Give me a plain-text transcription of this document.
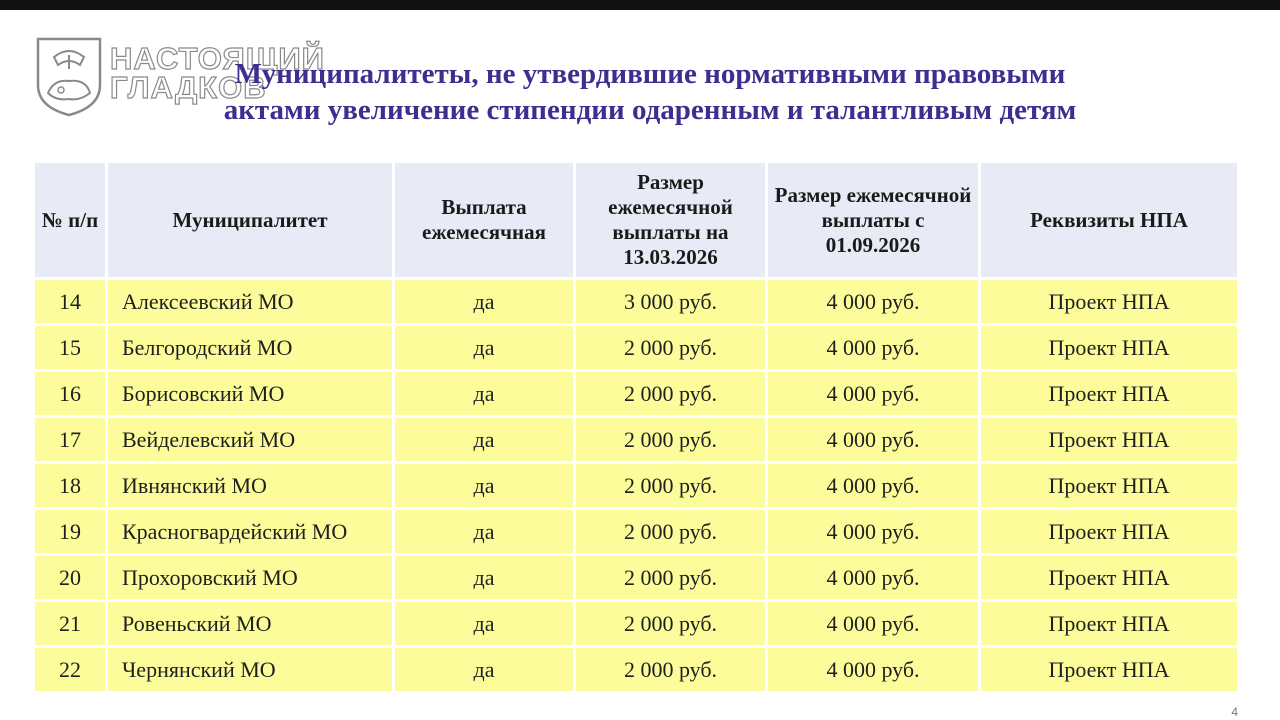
НАСТОЯЩИЙ
ГЛАДКОВ
Муниципалитеты, не утвердившие нормативными правовыми
актами увеличение стипендии одаренным и талантливым детям
№ п/п	Муниципалитет	Выплата ежемесячная	Размер ежемесячной выплаты на 13.03.2026	Размер ежемесячной выплаты с 01.09.2026	Реквизиты НПА
14	Алексеевский МО	да	3 000 руб.	4 000 руб.	Проект НПА
15	Белгородский МО	да	2 000 руб.	4 000 руб.	Проект НПА
16	Борисовский МО	да	2 000 руб.	4 000 руб.	Проект НПА
17	Вейделевский МО	да	2 000 руб.	4 000 руб.	Проект НПА
18	Ивнянский МО	да	2 000 руб.	4 000 руб.	Проект НПА
19	Красногвардейский МО	да	2 000 руб.	4 000 руб.	Проект НПА
20	Прохоровский МО	да	2 000 руб.	4 000 руб.	Проект НПА
21	Ровеньский МО	да	2 000 руб.	4 000 руб.	Проект НПА
22	Чернянский МО	да	2 000 руб.	4 000 руб.	Проект НПА
4
